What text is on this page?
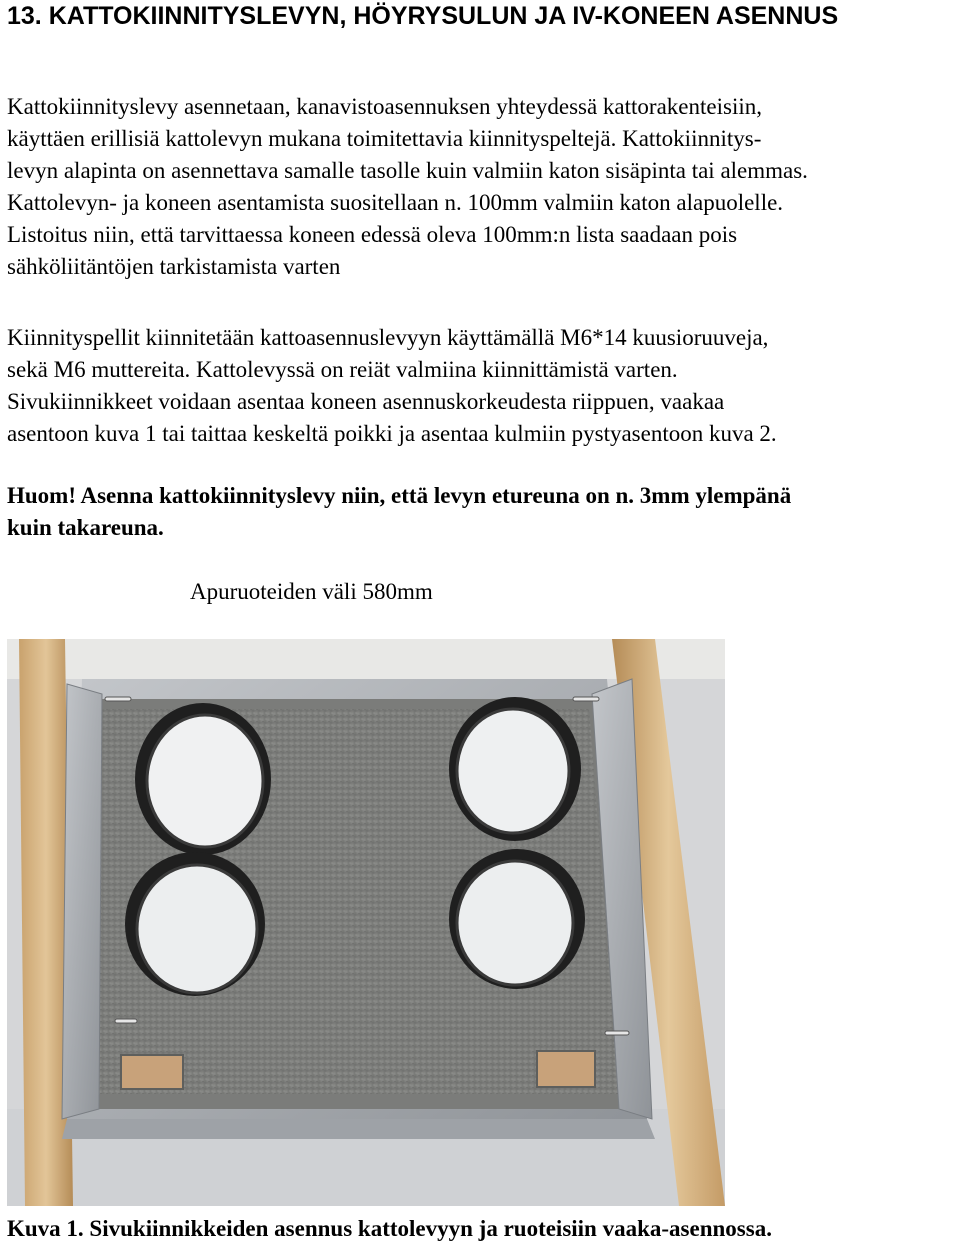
13. KATTOKIINNITYSLEVYN, HÖYRYSULUN JA IV-KONEEN ASENNUS
Kattokiinnityslevy asennetaan, kanavistoasennuksen yhteydessä kattorakenteisiin,
käyttäen erillisiä kattolevyn mukana toimitettavia kiinnityspeltejä. Kattokiinnitys-
levyn alapinta on asennettava samalle tasolle kuin valmiin katon sisäpinta tai alemmas.
Kattolevyn- ja koneen asentamista suositellaan n. 100mm valmiin katon alapuolelle.
Listoitus niin, että tarvittaessa koneen edessä oleva 100mm:n lista saadaan pois
sähköliitäntöjen tarkistamista varten
Kiinnityspellit kiinnitetään kattoasennuslevyyn käyttämällä M6*14 kuusioruuveja,
sekä M6 muttereita. Kattolevyssä on reiät valmiina kiinnittämistä varten.
Sivukiinnikkeet voidaan asentaa koneen asennuskorkeudesta riippuen, vaakaa
asentoon kuva 1 tai taittaa keskeltä poikki ja asentaa kulmiin pystyasentoon kuva 2.
Huom! Asenna kattokiinnityslevy niin, että levyn etureuna on n. 3mm ylempänä
kuin takareuna.
Apuruoteiden väli 580mm
Kuva 1. Sivukiinnikkeiden asennus kattolevyyn ja ruoteisiin vaaka-asennossa.
